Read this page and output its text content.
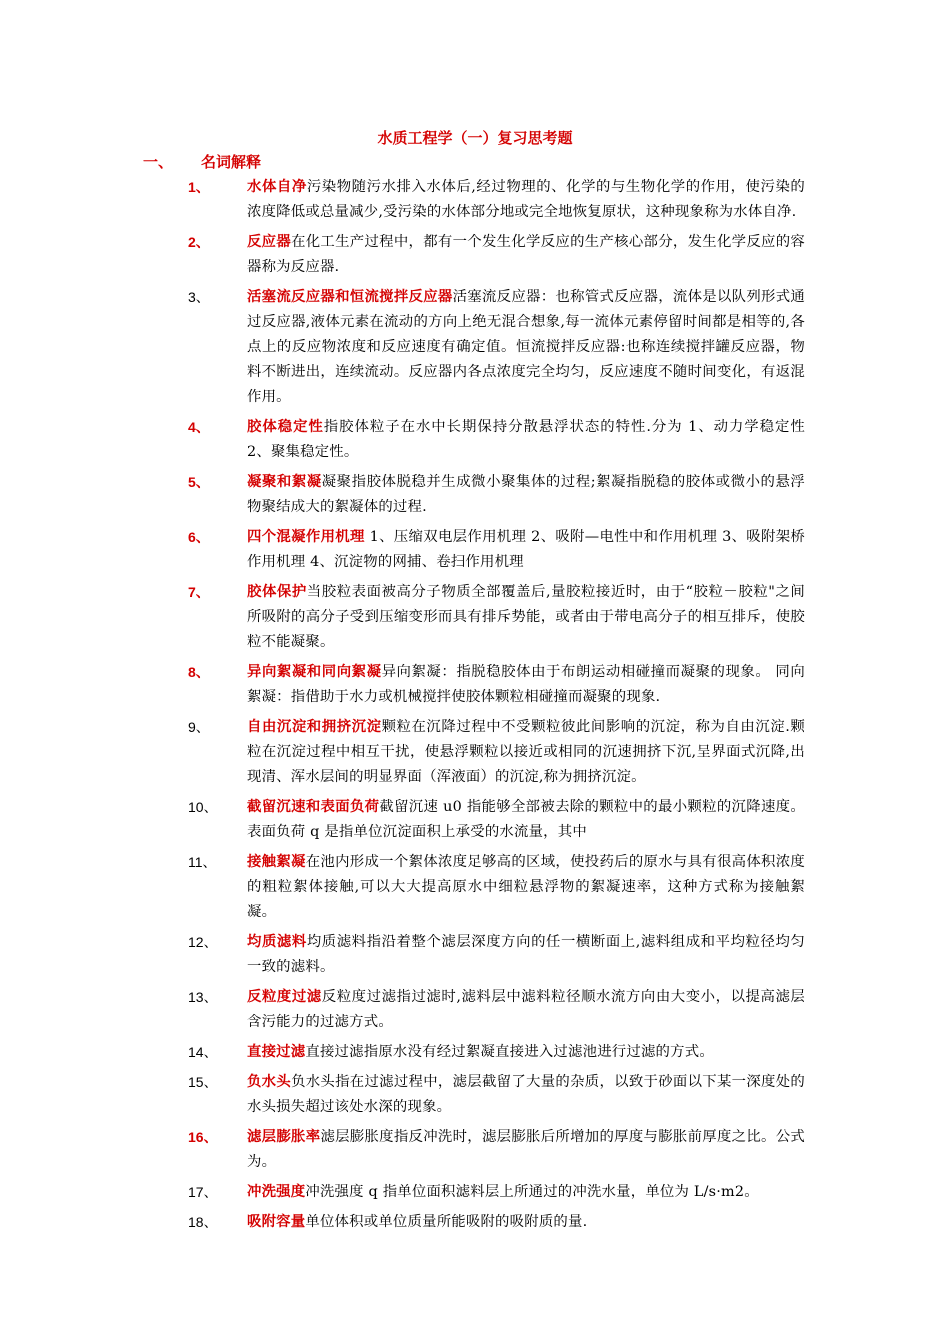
水质工程学（一）复习思考题
一、 名词解释
1、	水体自净污染物随污水排入水体后,经过物理的、化学的与生物化学的作用，使污染的浓度降低或总量减少,受污染的水体部分地或完全地恢复原状，这种现象称为水体自净.
2、	反应器在化工生产过程中，都有一个发生化学反应的生产核心部分，发生化学反应的容器称为反应器.
3、	活塞流反应器和恒流搅拌反应器活塞流反应器：也称管式反应器，流体是以队列形式通过反应器,液体元素在流动的方向上绝无混合想象,每一流体元素停留时间都是相等的,各点上的反应物浓度和反应速度有确定值。恒流搅拌反应器:也称连续搅拌罐反应器，物料不断进出，连续流动。反应器内各点浓度完全均匀，反应速度不随时间变化，有返混作用。
4、	胶体稳定性指胶体粒子在水中长期保持分散悬浮状态的特性.分为 1、动力学稳定性 2、聚集稳定性。
5、	凝聚和絮凝凝聚指胶体脱稳并生成微小聚集体的过程;絮凝指脱稳的胶体或微小的悬浮物聚结成大的絮凝体的过程.
6、	四个混凝作用机理 1、压缩双电层作用机理 2、吸附—电性中和作用机理 3、吸附架桥作用机理 4、沉淀物的网捕、卷扫作用机理
7、	胶体保护当胶粒表面被高分子物质全部覆盖后,量胶粒接近时，由于“胶粒－胶粒"之间所吸附的高分子受到压缩变形而具有排斥势能，或者由于带电高分子的相互排斥，使胶粒不能凝聚。
8、	异向絮凝和同向絮凝异向絮凝：指脱稳胶体由于布朗运动相碰撞而凝聚的现象。 同向絮凝：指借助于水力或机械搅拌使胶体颗粒相碰撞而凝聚的现象.
9、	自由沉淀和拥挤沉淀颗粒在沉降过程中不受颗粒彼此间影响的沉淀，称为自由沉淀.颗粒在沉淀过程中相互干扰，使悬浮颗粒以接近或相同的沉速拥挤下沉,呈界面式沉降,出现清、浑水层间的明显界面（浑液面）的沉淀,称为拥挤沉淀。
10、	截留沉速和表面负荷截留沉速 u0 指能够全部被去除的颗粒中的最小颗粒的沉降速度。表面负荷 q 是指单位沉淀面积上承受的水流量，其中
11、	接触絮凝在池内形成一个絮体浓度足够高的区域，使投药后的原水与具有很高体积浓度的粗粒絮体接触,可以大大提高原水中细粒悬浮物的絮凝速率，这种方式称为接触絮凝。
12、	均质滤料均质滤料指沿着整个滤层深度方向的任一横断面上,滤料组成和平均粒径均匀一致的滤料。
13、	反粒度过滤反粒度过滤指过滤时,滤料层中滤料粒径顺水流方向由大变小，以提高滤层含污能力的过滤方式。
14、	直接过滤直接过滤指原水没有经过絮凝直接进入过滤池进行过滤的方式。
15、	负水头负水头指在过滤过程中，滤层截留了大量的杂质，以致于砂面以下某一深度处的水头损失超过该处水深的现象。
16、	滤层膨胀率滤层膨胀度指反冲洗时，滤层膨胀后所增加的厚度与膨胀前厚度之比。公式为。
17、	冲洗强度冲洗强度 q 指单位面积滤料层上所通过的冲洗水量，单位为 L/s·m2。
18、	吸附容量单位体积或单位质量所能吸附的吸附质的量.
